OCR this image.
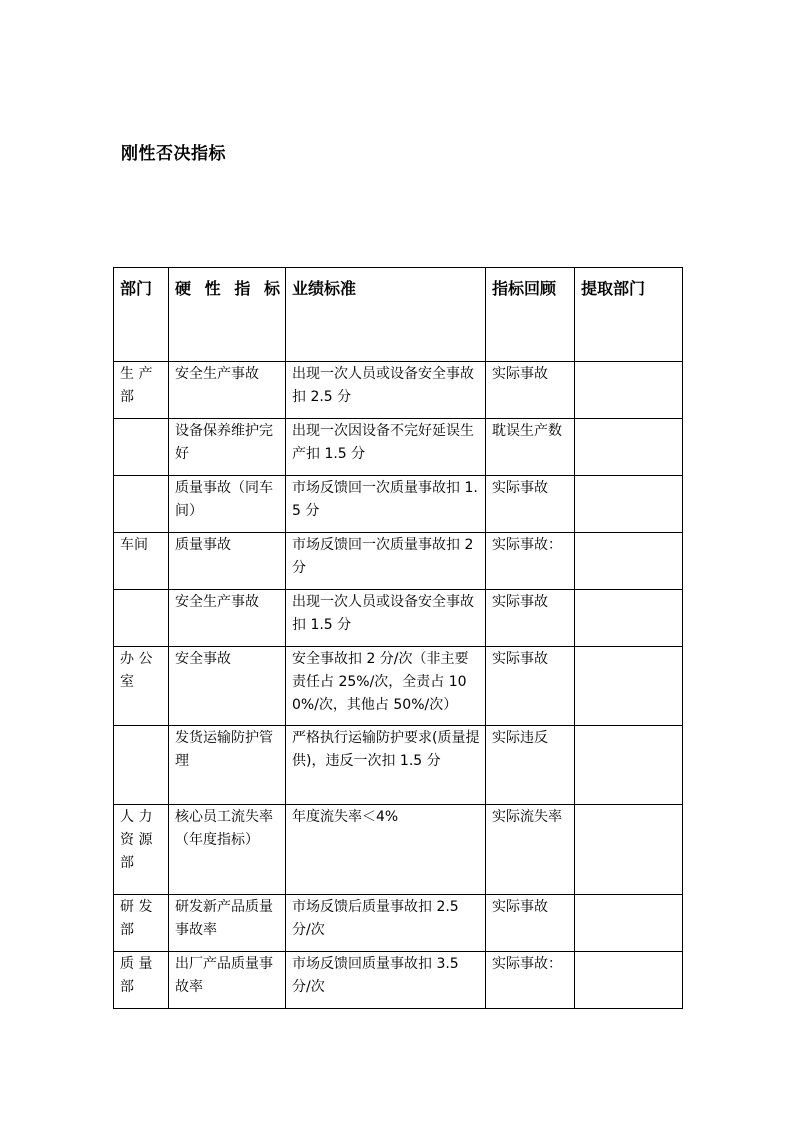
刚性否决指标
部门	硬 性 指 标	业绩标准	指标回顾	提取部门
生 产 部	安全生产事故	出现一次人员或设备安全事故扣 2.5 分	实际事故	
	设备保养维护完好	出现一次因设备不完好延误生产扣 1.5 分	耽误生产数	
	质量事故（同车间）	市场反馈回一次质量事故扣 1.5 分	实际事故	
车间	质量事故	市场反馈回一次质量事故扣 2 分	实际事故：	
	安全生产事故	出现一次人员或设备安全事故扣 1.5 分	实际事故	
办 公 室	安全事故	安全事故扣 2 分/次（非主要责任占 25%/次，全责占 100%/次，其他占 50%/次）	实际事故	
	发货运输防护管理	严格执行运输防护要求(质量提供)，违反一次扣 1.5 分	实际违反	
人 力 资 源 部	核心员工流失率（年度指标）	年度流失率＜4%	实际流失率	
研 发 部	研发新产品质量事故率	市场反馈后质量事故扣 2.5 分/次	实际事故	
质 量 部	出厂产品质量事故率	市场反馈回质量事故扣 3.5 分/次	实际事故：	
